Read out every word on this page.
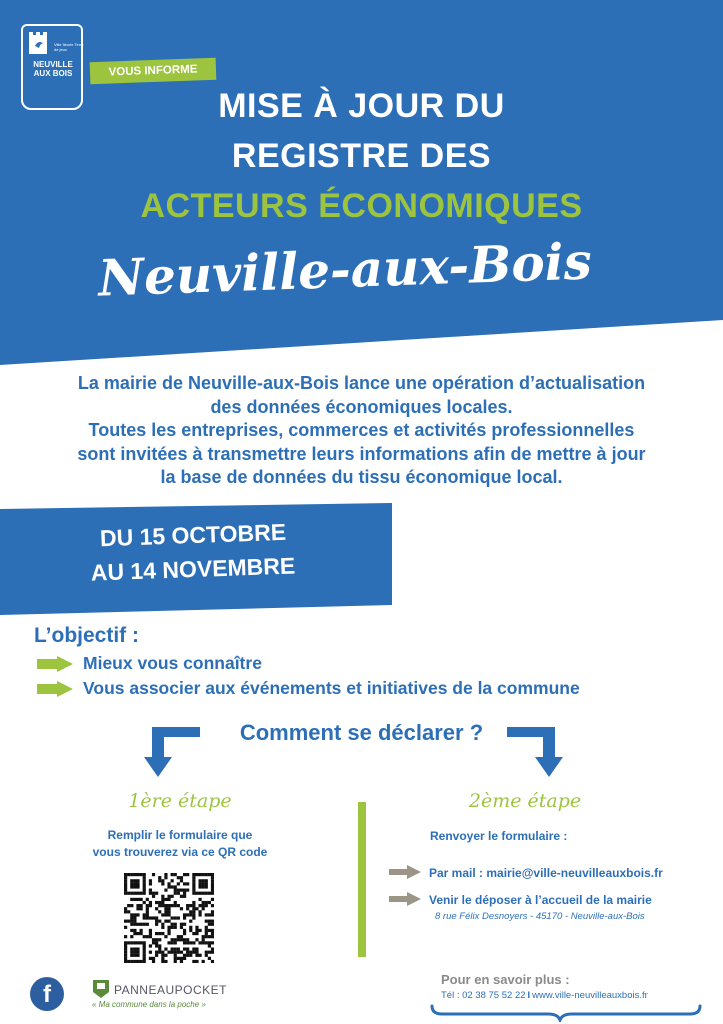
Ville fleurie Terre de jeux
NEUVILLE
AUX BOIS	VOUS INFORME
MISE À JOUR DU
REGISTRE DES
ACTEURS ÉCONOMIQUES
Neuville-aux-Bois
La mairie de Neuville-aux-Bois lance une opération d’actualisation
des données économiques locales.
Toutes les entreprises, commerces et activités professionnelles
sont invitées à transmettre leurs informations afin de mettre à jour
la base de données du tissu économique local.
DU 15 OCTOBRE
AU 14 NOVEMBRE
L’objectif :
Mieux vous connaître
Vous associer aux événements et initiatives de la commune
Comment se déclarer ?
1ère étape
Remplir le formulaire que
vous trouverez via ce QR code
2ème étape
Renvoyer le formulaire :
Par mail : mairie@ville-neuvilleauxbois.fr
Venir le déposer à l’accueil de la mairie
8 rue Félix Desnoyers - 45170 - Neuville-aux-Bois
f	PANNEAUPOCKET
« Ma commune dans la poche »
Pour en savoir plus :
Tél : 02 38 75 52 22 I www.ville-neuvilleauxbois.fr
